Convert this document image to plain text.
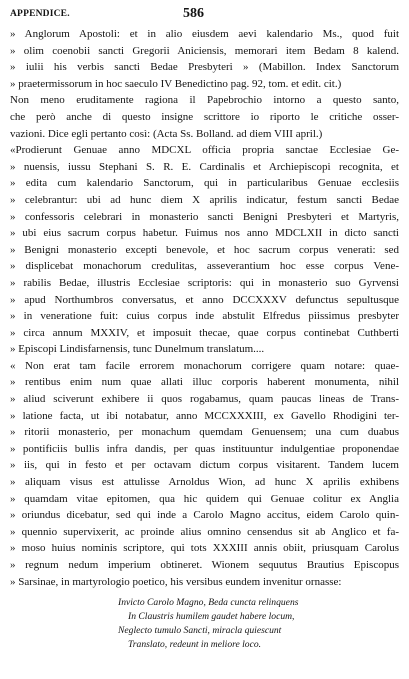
APPENDICE.	586
» Anglorum Apostoli: et in alio eiusdem aevi kalendario Ms., quod fuit
» olim coenobii sancti Gregorii Aniciensis, memorari item Bedam 8 kalend.
» iulii his verbis sancti Bedae Presbyteri » (Mabillon. Index Sanctorum
» praetermissorum in hoc saeculo IV Benedictino pag. 92, tom. et edit. cit.)
Non meno eruditamente ragiona il Papebrochio intorno a questo santo,
che però anche di questo insigne scrittore io riporto le critiche osser-
vazioni. Dice egli pertanto così: (Acta Ss. Bolland. ad diem VIII april.)
«Prodierunt Genuae anno MDCXL officia propria sanctae Ecclesiae Ge-
» nuensis, iussu Stephani S. R. E. Cardinalis et Archiepiscopi recognita, et
» edita cum kalendario Sanctorum, qui in particularibus Genuae ecclesiis
» celebrantur: ubi ad hunc diem X aprilis indicatur, festum sancti Bedae
» confessoris celebrari in monasterio sancti Benigni Presbyteri et Martyris,
» ubi eius sacrum corpus habetur. Fuimus nos anno MDCLXII in dicto sancti
» Benigni monasterio excepti benevole, et hoc sacrum corpus venerati: sed
» displicebat monachorum credulitas, asseverantium hoc esse corpus Vene-
» rabilis Bedae, illustris Ecclesiae scriptoris: qui in monasterio suo Gyrvensi
» apud Northumbros conversatus, et anno DCCXXXV defunctus sepultusque
» in veneratione fuit: cuius corpus inde abstulit Elfredus piissimus presbyter
» circa annum MXXIV, et imposuit thecae, quae corpus continebat Cuthberti
» Episcopi Lindisfarnensis, tunc Dunelmum translatum....
« Non erat tam facile errorem monachorum corrigere quam notare: quae-
» rentibus enim num quae allati illuc corporis haberent monumenta, nihil
» aliud sciverunt exhibere ii quos rogabamus, quam paucas lineas de Trans-
» latione facta, ut ibi notabatur, anno MCCXXXIII, ex Gavello Rhodigini ter-
» ritorii monasterio, per monachum quemdam Genuensem; una cum duabus
» pontificiis bullis infra dandis, per quas instituuntur indulgentiae proponendae
» iis, qui in festo et per octavam dictum corpus visitarent. Tandem lucem
» aliquam visus est attulisse Arnoldus Wion, ad hunc X aprilis exhibens
» quamdam vitae epitomen, qua hic quidem qui Genuae colitur ex Anglia
» oriundus dicebatur, sed qui inde a Carolo Magno accitus, eidem Carolo quin-
» quennio supervixerit, ac proinde alius omnino censendus sit ab Anglico et fa-
» moso huius nominis scriptore, qui tots XXXIII annis obiit, priusquam Carolus
» regnum nedum imperium obtineret. Wionem sequutus Brautius Episcopus
» Sarsinae, in martyrologio poetico, his versibus eundem invenitur ornasse:
Invicto Carolo Magno, Beda cuncta relinquens
In Claustris humilem gaudet habere locum,
Neglecto tumulo Sancti, miracla quiescunt
Translato, redeunt in meliore loco.
